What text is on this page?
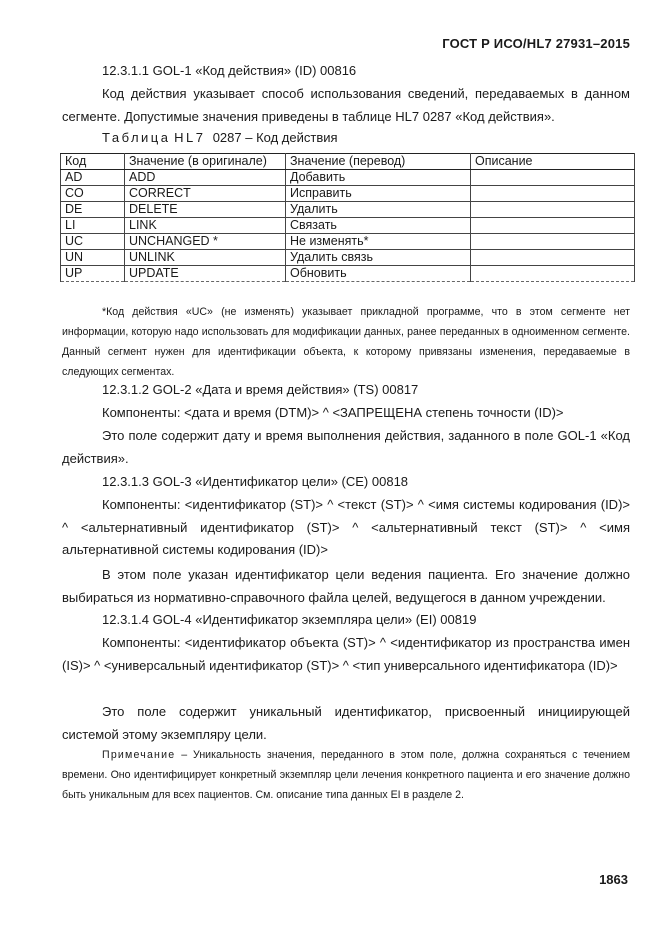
ГОСТ Р ИСО/HL7 27931–2015
12.3.1.1 GOL-1 «Код действия» (ID) 00816
Код действия указывает способ использования сведений, передаваемых в данном сегменте. Допустимые значения приведены в таблице HL7 0287 «Код действия».
Таблица HL7 0287 – Код действия
Код	Значение (в оригинале)	Значение (перевод)	Описание
AD	ADD	Добавить	
CO	CORRECT	Исправить	
DE	DELETE	Удалить	
LI	LINK	Связать	
UC	UNCHANGED *	Не изменять*	
UN	UNLINK	Удалить связь	
UP	UPDATE	Обновить	
*Код действия «UC» (не изменять) указывает прикладной программе, что в этом сегменте нет информации, которую надо использовать для модификации данных, ранее переданных в одноименном сегменте. Данный сегмент нужен для идентификации объекта, к которому привязаны изменения, передаваемые в следующих сегментах.
12.3.1.2 GOL-2 «Дата и время действия» (TS) 00817
Компоненты: <дата и время (DTM)> ^ <ЗАПРЕЩЕНА степень точности (ID)>
Это поле содержит дату и время выполнения действия, заданного в поле GOL-1 «Код действия».
12.3.1.3 GOL-3 «Идентификатор цели» (CE) 00818
Компоненты: <идентификатор (ST)> ^ <текст (ST)> ^ <имя системы кодирования (ID)> ^ <альтернативный идентификатор (ST)> ^ <альтернативный текст (ST)> ^ <имя альтернативной системы кодирования (ID)>
В этом поле указан идентификатор цели ведения пациента. Его значение должно выбираться из нормативно-справочного файла целей, ведущегося в данном учреждении.
12.3.1.4 GOL-4 «Идентификатор экземпляра цели» (EI) 00819
Компоненты: <идентификатор объекта (ST)> ^ <идентификатор из пространства имен (IS)> ^ <универсальный идентификатор (ST)> ^ <тип универсального идентификатора (ID)>
Это поле содержит уникальный идентификатор, присвоенный инициирующей системой этому экземпляру цели.
Примечание – Уникальность значения, переданного в этом поле, должна сохраняться с течением времени. Оно идентифицирует конкретный экземпляр цели лечения конкретного пациента и его значение должно быть уникальным для всех пациентов. См. описание типа данных EI в разделе 2.
1863
